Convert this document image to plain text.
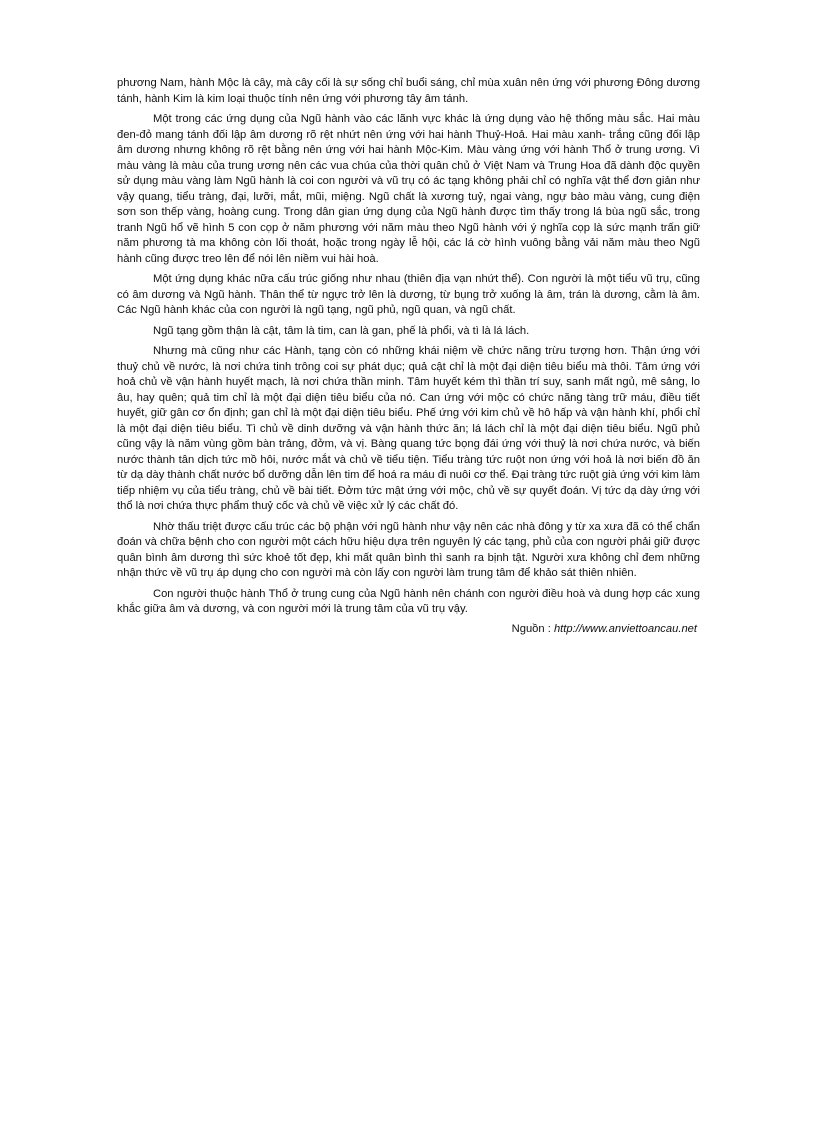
phương Nam, hành Mộc là cây, mà cây cối là sự sống chỉ buổi sáng, chỉ mùa xuân nên ứng với phương Đông dương tánh, hành Kim là kim loại thuộc tính nên ứng với phương tây âm tánh.

Một trong các ứng dụng của Ngũ hành vào các lãnh vực khác là ứng dụng vào hệ thống màu sắc. Hai màu đen-đỏ mang tánh đối lập âm dương rõ rệt nhứt nên ứng với hai hành Thuỷ-Hoả. Hai màu xanh- trắng cũng đối lập âm dương nhưng không rõ rệt bằng nên ứng với hai hành Mộc-Kim. Màu vàng ứng với hành Thổ ở trung ương. Vì màu vàng là màu của trung ương nên các vua chúa của thời quân chủ ở Việt Nam và Trung Hoa đã dành độc quyền sử dụng màu vàng làm Ngũ hành là coi con người và vũ trụ có ác tạng không phải chỉ có nghĩa vật thể đơn giản như vậy quang, tiểu tràng, đại, lưỡi, mắt, mũi, miệng. Ngũ chất là xương tuỷ, ngai vàng, ngự bào màu vàng, cung điện sơn son thếp vàng, hoàng cung. Trong dân gian ứng dụng của Ngũ hành được tìm thấy trong lá bùa ngũ sắc, trong tranh Ngũ hổ vẽ hình 5 con cọp ở năm phương với năm màu theo Ngũ hành với ý nghĩa cọp là sức mạnh trấn giữ năm phương tà ma không còn lối thoát, hoặc trong ngày lễ hội, các lá cờ hình vuông bằng vải năm màu theo Ngũ hành cũng được treo lên để nói lên niềm vui hài hoà.

Một ứng dụng khác nữa cấu trúc giống như nhau (thiên địa vạn nhứt thể). Con người là một tiểu vũ trụ, cũng có âm dương và Ngũ hành. Thân thể từ ngực trở lên là dương, từ bụng trở xuống là âm, trán là dương, cằm là âm. Các Ngũ hành khác của con người là ngũ tạng, ngũ phủ, ngũ quan, và ngũ chất.

Ngũ tạng gồm thận là cật, tâm là tim, can là gan, phế là phổi, và tì là lá lách.

Nhưng mà cũng như các Hành, tạng còn có những khái niệm về chức năng trừu tượng hơn. Thận ứng với thuỷ chủ về nước, là nơi chứa tinh trông coi sự phát dục; quả cật chỉ là một đại diện tiêu biểu mà thôi. Tâm ứng với hoả chủ về vận hành huyết mạch, là nơi chứa thần minh. Tâm huyết kém thì thần trí suy, sanh mất ngủ, mê sảng, lo âu, hay quên; quả tim chỉ là một đại diện tiêu biểu của nó. Can ứng với mộc có chức năng tàng trữ máu, điều tiết huyết, giữ gân cơ ổn định; gan chỉ là một đại diện tiêu biểu. Phế ứng với kim chủ về hô hấp và vận hành khí, phổi chỉ là một đại diện tiêu biểu. Tì chủ về dinh dưỡng và vận hành thức ăn; lá lách chỉ là một đại diện tiêu biểu. Ngũ phủ cũng vậy là năm vùng gồm bàn trảng, đởm, và vị. Bàng quang tức bọng đái ứng với thuỷ là nơi chứa nước, và biến nước thành tân dịch tức mồ hôi, nước mắt và chủ về tiểu tiện. Tiểu tràng tức ruột non ứng với hoả là nơi biến đồ ăn từ dạ dày thành chất nước bổ dưỡng dẫn lên tim để hoá ra máu đi nuôi cơ thể. Đại tràng tức ruột già ứng với kim làm tiếp nhiệm vụ của tiểu tràng, chủ về bài tiết. Đởm tức mật ứng với mộc, chủ về sự quyết đoán. Vị tức dạ dày ứng với thổ là nơi chứa thực phẩm thuỷ cốc và chủ về việc xử lý các chất đó.

Nhờ thấu triệt được cấu trúc các bộ phận với ngũ hành như vậy nên các nhà đông y từ xa xưa đã có thể chẩn đoán và chữa bệnh cho con người một cách hữu hiệu dựa trên nguyên lý các tạng, phủ của con người phải giữ được quân bình âm dương thì sức khoẻ tốt đẹp, khi mất quân bình thì sanh ra bịnh tật. Người xưa không chỉ đem những nhận thức về vũ trụ áp dụng cho con người mà còn lấy con người làm trung tâm để khảo sát thiên nhiên.

Con người thuộc hành Thổ ở trung cung của Ngũ hành nên chánh con người điều hoà và dung hợp các xung khắc giữa âm và dương, và con người mới là trung tâm của vũ trụ vậy.

Nguồn : http://www.anviettoancau.net
